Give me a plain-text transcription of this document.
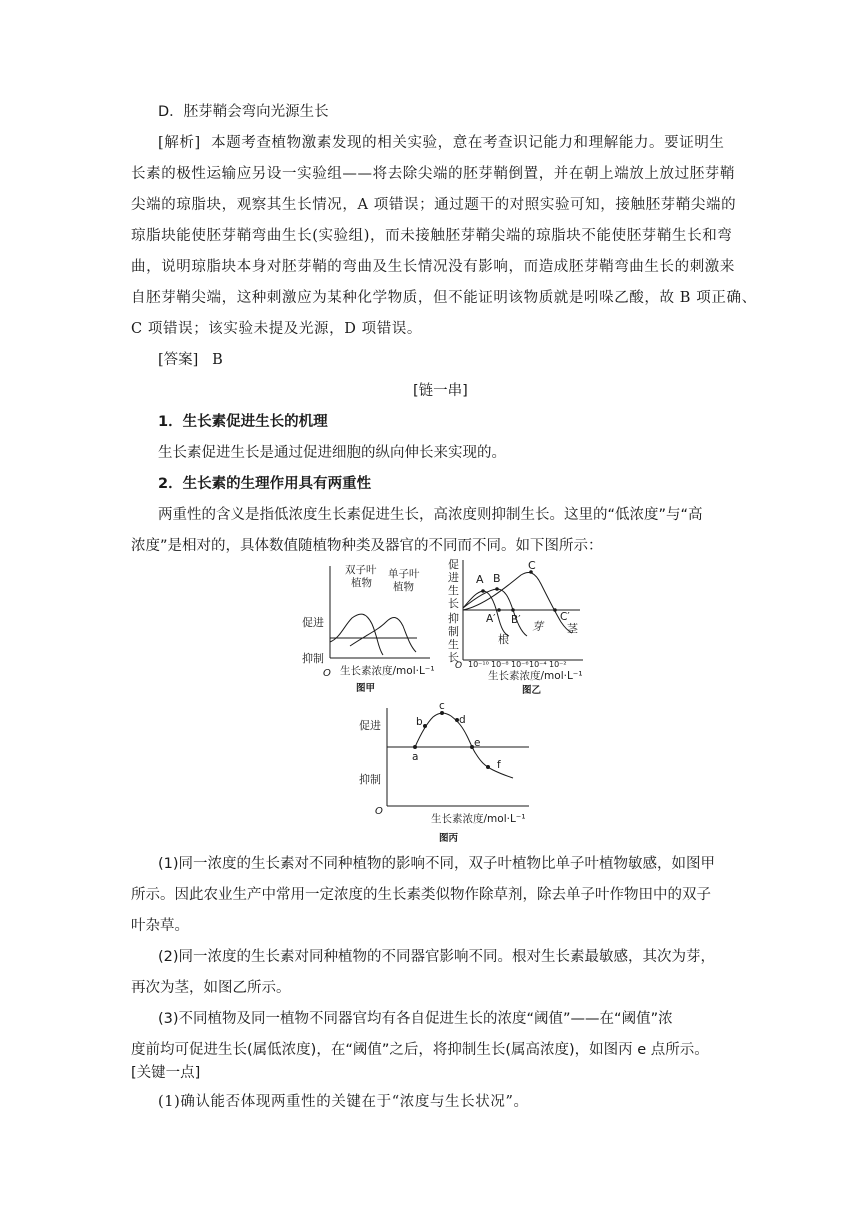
D．胚芽鞘会弯向光源生长
[解析] 本题考查植物激素发现的相关实验，意在考查识记能力和理解能力。要证明生
长素的极性运输应另设一实验组——将去除尖端的胚芽鞘倒置，并在朝上端放上放过胚芽鞘
尖端的琼脂块，观察其生长情况，A 项错误；通过题干的对照实验可知，接触胚芽鞘尖端的
琼脂块能使胚芽鞘弯曲生长(实验组)，而未接触胚芽鞘尖端的琼脂块不能使胚芽鞘生长和弯
曲，说明琼脂块本身对胚芽鞘的弯曲及生长情况没有影响，而造成胚芽鞘弯曲生长的刺激来
自胚芽鞘尖端，这种刺激应为某种化学物质，但不能证明该物质就是吲哚乙酸，故 B 项正确、
C 项错误；该实验未提及光源，D 项错误。
[答案] B
[链一串]
1．生长素促进生长的机理
生长素促进生长是通过促进细胞的纵向伸长来实现的。
2．生长素的生理作用具有两重性
两重性的含义是指低浓度生长素促进生长，高浓度则抑制生长。这里的“低浓度”与“高
浓度”是相对的，具体数值随植物种类及器官的不同而不同。如下图所示：
促进
抑制
O 生长素浓度/mol·L⁻¹
双子叶
植物
单子叶
植物
图甲
A B
C
A′ B′	C′
促
进
生
长
抑
制
生
长
根
芽 茎
O 10⁻¹⁰ 10⁻⁸ 10⁻⁶ 10⁻⁴ 10⁻²
生长素浓度/mol·L⁻¹
图乙
a
b
c
d
e
f
促进
抑制
O
生长素浓度/mol·L⁻¹
图丙
(1)同一浓度的生长素对不同种植物的影响不同，双子叶植物比单子叶植物敏感，如图甲
所示。因此农业生产中常用一定浓度的生长素类似物作除草剂，除去单子叶作物田中的双子
叶杂草。
(2)同一浓度的生长素对同种植物的不同器官影响不同。根对生长素最敏感，其次为芽，
再次为茎，如图乙所示。
(3)不同植物及同一植物不同器官均有各自促进生长的浓度“阈值”——在“阈值”浓
度前均可促进生长(属低浓度)，在“阈值”之后，将抑制生长(属高浓度)，如图丙 e 点所示。
[关键一点]
(1)确认能否体现两重性的关键在于“浓度与生长状况”。
